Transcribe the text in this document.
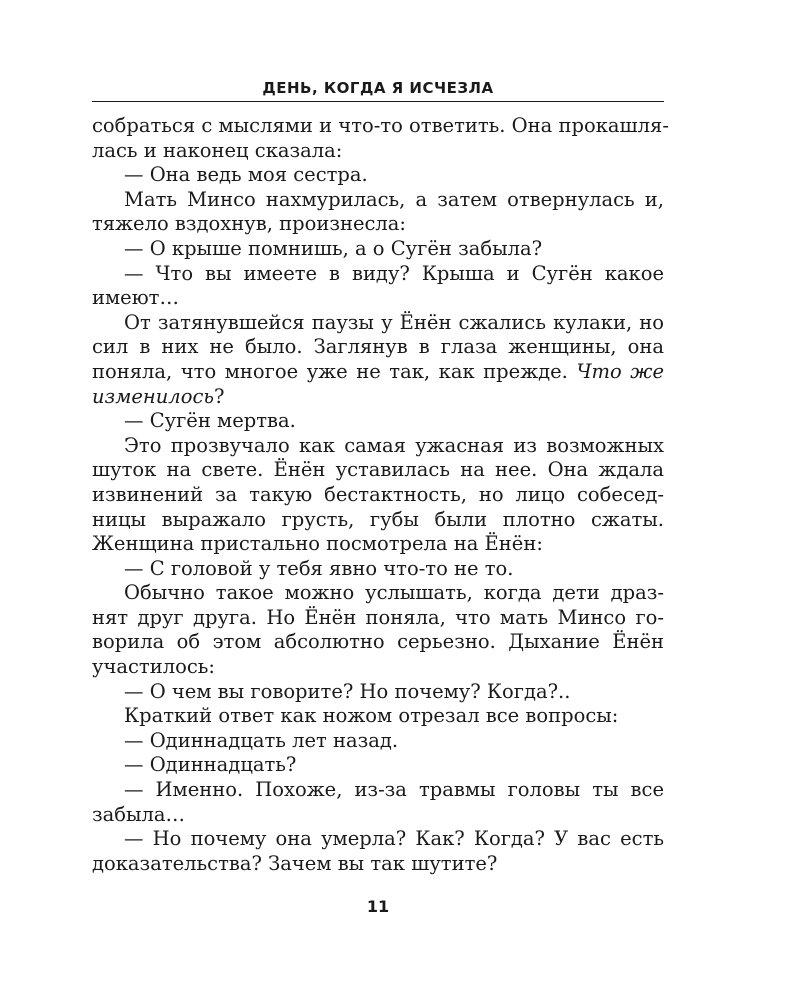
ДЕНЬ, КОГДА Я ИСЧЕЗЛА
собраться с мыслями и что-то ответить. Она прокашля-
лась и наконец сказала:
— Она ведь моя сестра.
Мать Минсо нахмурилась, а затем отвернулась и,
тяжело вздохнув, произнесла:
— О крыше помнишь, а о Сугён забыла?
— Что вы имеете в виду? Крыша и Сугён какое
имеют…
От затянувшейся паузы у Ёнён сжались кулаки, но
сил в них не было. Заглянув в глаза женщины, она
поняла, что многое уже не так, как прежде. Что же
изменилось?
— Сугён мертва.
Это прозвучало как самая ужасная из возможных
шуток на свете. Ёнён уставилась на нее. Она ждала
извинений за такую бестактность, но лицо собесед-
ницы выражало грусть, губы были плотно сжаты.
Женщина пристально посмотрела на Ёнён:
— С головой у тебя явно что-то не то.
Обычно такое можно услышать, когда дети драз-
нят друг друга. Но Ёнён поняла, что мать Минсо го-
ворила об этом абсолютно серьезно. Дыхание Ёнён
участилось:
— О чем вы говорите? Но почему? Когда?..
Краткий ответ как ножом отрезал все вопросы:
— Одиннадцать лет назад.
— Одиннадцать?
— Именно. Похоже, из-за травмы головы ты все
забыла…
— Но почему она умерла? Как? Когда? У вас есть
доказательства? Зачем вы так шутите?
11
